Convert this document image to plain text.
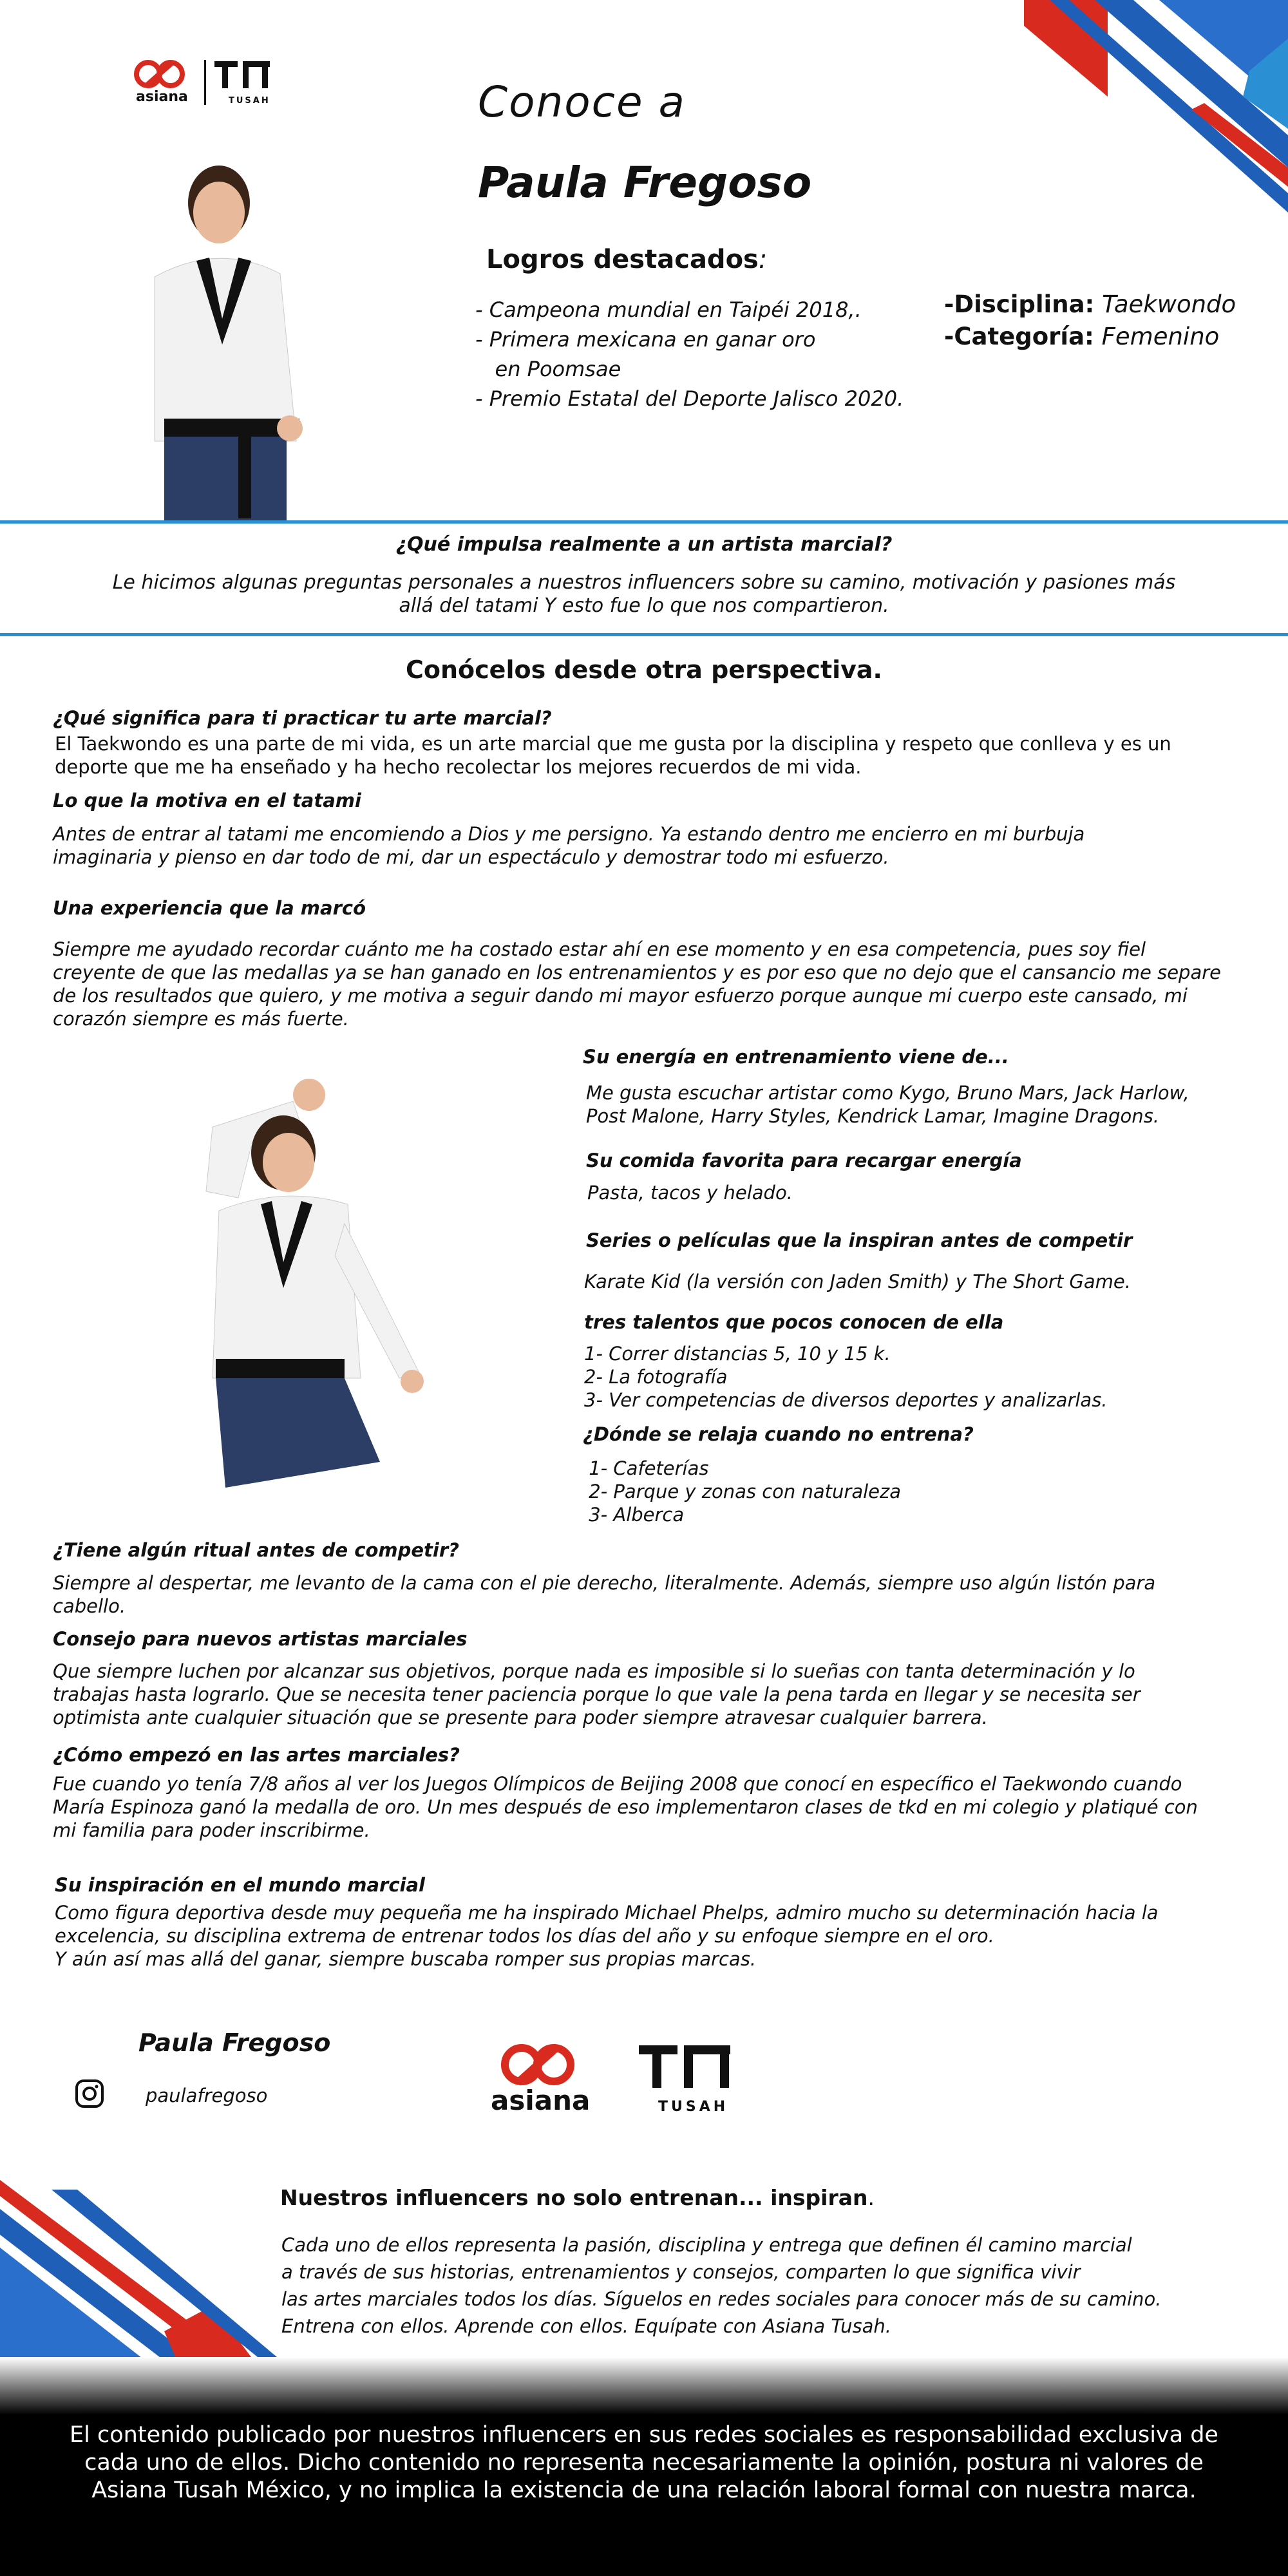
asiana	TUSAH	Conoce a
Paula Fregoso
Logros destacados:
- Campeona mundial en Taipéi 2018,.
- Primera mexicana en ganar oro
en Poomsae
- Premio Estatal del Deporte Jalisco 2020.
-Disciplina: Taekwondo
-Categoría: Femenino
¿Qué impulsa realmente a un artista marcial?
Le hicimos algunas preguntas personales a nuestros influencers sobre su camino, motivación y pasiones más allá del tatami Y esto fue lo que nos compartieron.
Conócelos desde otra perspectiva.
¿Qué significa para ti practicar tu arte marcial?
El Taekwondo es una parte de mi vida, es un arte marcial que me gusta por la disciplina y respeto que conlleva y es un deporte que me ha enseñado y ha hecho recolectar los mejores recuerdos de mi vida.
Lo que la motiva en el tatami
Antes de entrar al tatami me encomiendo a Dios y me persigno. Ya estando dentro me encierro en mi burbuja imaginaria y pienso en dar todo de mi, dar un espectáculo y demostrar todo mi esfuerzo.
Una experiencia que la marcó
Siempre me ayudado recordar cuánto me ha costado estar ahí en ese momento y en esa competencia, pues soy fiel creyente de que las medallas ya se han ganado en los entrenamientos y es por eso que no dejo que el cansancio me separe de los resultados que quiero, y me motiva a seguir dando mi mayor esfuerzo porque aunque mi cuerpo este cansado, mi corazón siempre es más fuerte.
Su energía en entrenamiento viene de...
Me gusta escuchar artistar como Kygo, Bruno Mars, Jack Harlow,
Post Malone, Harry Styles, Kendrick Lamar, Imagine Dragons.
Su comida favorita para recargar energía
Pasta, tacos y helado.
Series o películas que la inspiran antes de competir
Karate Kid (la versión con Jaden Smith) y The Short Game.
tres talentos que pocos conocen de ella
1- Correr distancias 5, 10 y 15 k.
2- La fotografía
3- Ver competencias de diversos deportes y analizarlas.
¿Dónde se relaja cuando no entrena?
1- Cafeterías
2- Parque y zonas con naturaleza
3- Alberca
¿Tiene algún ritual antes de competir?
Siempre al despertar, me levanto de la cama con el pie derecho, literalmente. Además, siempre uso algún listón para cabello.
Consejo para nuevos artistas marciales
Que siempre luchen por alcanzar sus objetivos, porque nada es imposible si lo sueñas con tanta determinación y lo trabajas hasta lograrlo. Que se necesita tener paciencia porque lo que vale la pena tarda en llegar y se necesita ser optimista ante cualquier situación que se presente para poder siempre atravesar cualquier barrera.
¿Cómo empezó en las artes marciales?
Fue cuando yo tenía 7/8 años al ver los Juegos Olímpicos de Beijing 2008 que conocí en específico el Taekwondo cuando María Espinoza ganó la medalla de oro. Un mes después de eso implementaron clases de tkd en mi colegio y platiqué con mi familia para poder inscribirme.
Su inspiración en el mundo marcial
Como figura deportiva desde muy pequeña me ha inspirado Michael Phelps, admiro mucho su determinación hacia la excelencia, su disciplina extrema de entrenar todos los días del año y su enfoque siempre en el oro.
Y aún así mas allá del ganar, siempre buscaba romper sus propias marcas.
Paula Fregoso
paulafregoso	asiana	TUSAH
Nuestros influencers no solo entrenan... inspiran.
Cada uno de ellos representa la pasión, disciplina y entrega que definen él camino marcial
a través de sus historias, entrenamientos y consejos, comparten lo que significa vivir
las artes marciales todos los días. Síguelos en redes sociales para conocer más de su camino.
Entrena con ellos. Aprende con ellos. Equípate con Asiana Tusah.
El contenido publicado por nuestros influencers en sus redes sociales es responsabilidad exclusiva de cada uno de ellos. Dicho contenido no representa necesariamente la opinión, postura ni valores de Asiana Tusah México, y no implica la existencia de una relación laboral formal con nuestra marca.
